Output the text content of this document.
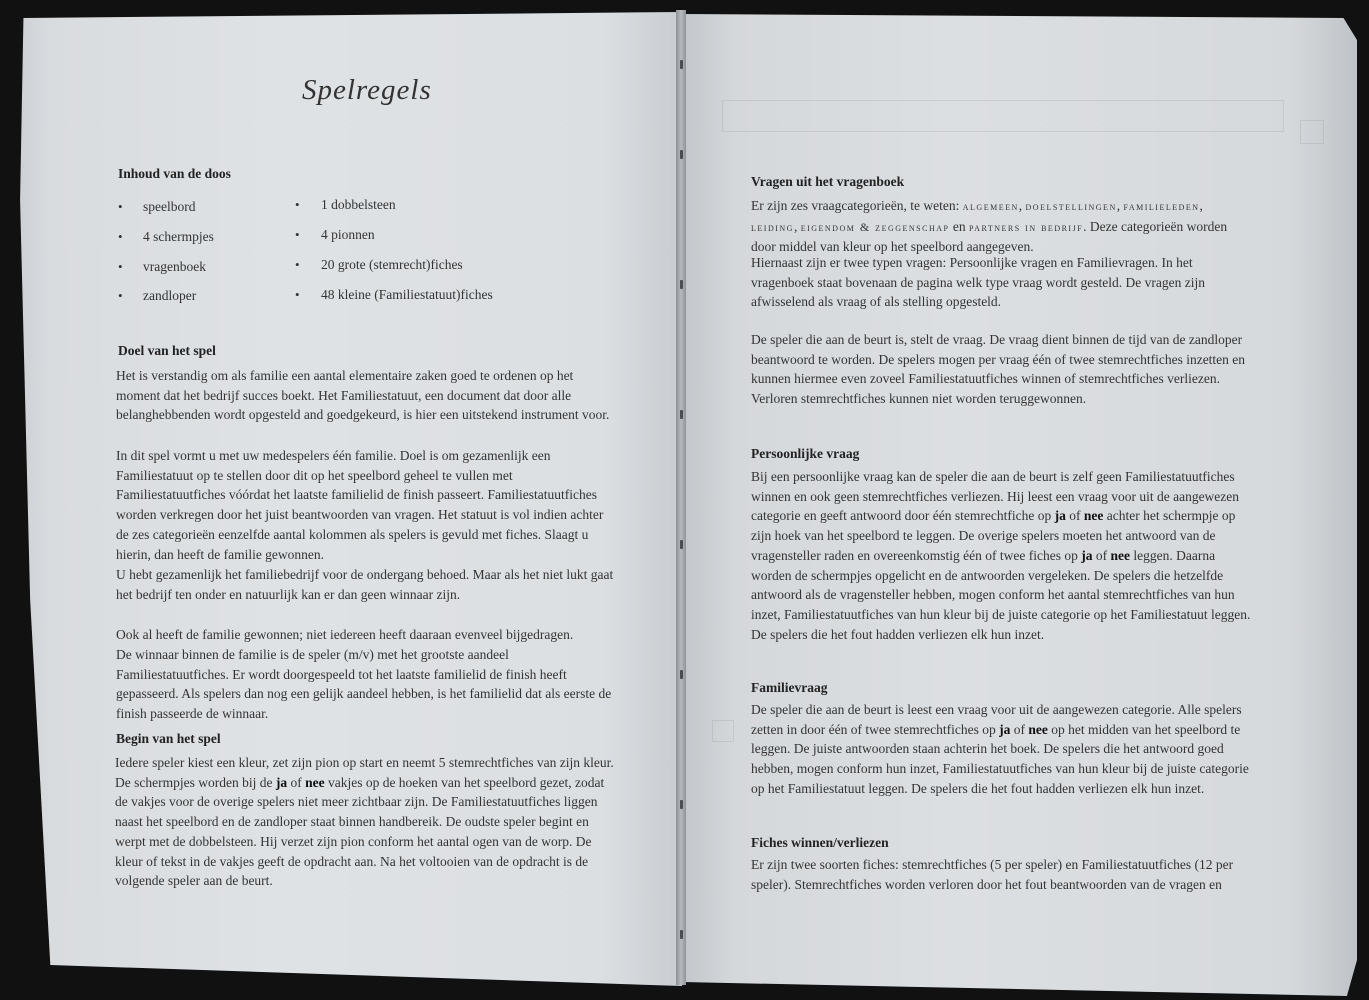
Spelregels
Inhoud van de doos
• speelbord
• 4 schermpjes
• vragenboek
• zandloper
• 1 dobbelsteen
• 4 pionnen
• 20 grote (stemrecht)fiches
• 48 kleine (Familiestatuut)fiches
Doel van het spel

Het is verstandig om als familie een aantal elementaire zaken goed te ordenen op het moment dat het bedrijf succes boekt. Het Familiestatuut, een document dat door alle belanghebbenden wordt opgesteld and goedgekeurd, is hier een uitstekend instrument voor.

In dit spel vormt u met uw medespelers één familie. Doel is om gezamenlijk een Familiestatuut op te stellen door dit op het speelbord geheel te vullen met Familiestatuutfiches vóórdat het laatste familielid de finish passeert. Familiestatuutfiches worden verkregen door het juist beantwoorden van vragen. Het statuut is vol indien achter de zes categorieën eenzelfde aantal kolommen als spelers is gevuld met fiches. Slaagt u hierin, dan heeft de familie gewonnen.

U hebt gezamenlijk het familiebedrijf voor de ondergang behoed. Maar als het niet lukt gaat het bedrijf ten onder en natuurlijk kan er dan geen winnaar zijn.

Ook al heeft de familie gewonnen; niet iedereen heeft daaraan evenveel bijgedragen.

De winnaar binnen de familie is de speler (m/v) met het grootste aandeel Familiestatuutfiches. Er wordt doorgespeeld tot het laatste familielid de finish heeft gepasseerd. Als spelers dan nog een gelijk aandeel hebben, is het familielid dat als eerste de finish passeerde de winnaar.

Begin van het spel

Iedere speler kiest een kleur, zet zijn pion op start en neemt 5 stemrechtfiches van zijn kleur. De schermpjes worden bij de ja of nee vakjes op de hoeken van het speelbord gezet, zodat de vakjes voor de overige spelers niet meer zichtbaar zijn. De Familiestatuutfiches liggen naast het speelbord en de zandloper staat binnen handbereik. De oudste speler begint en werpt met de dobbelsteen. Hij verzet zijn pion conform het aantal ogen van de worp. De kleur of tekst in de vakjes geeft de opdracht aan. Na het voltooien van de opdracht is de volgende speler aan de beurt.

Vragen uit het vragenboek

Er zijn zes vraagcategorieën, te weten: algemeen, doelstellingen, familieleden, leiding, eigendom & zeggenschap en partners in bedrijf. Deze categorieën worden door middel van kleur op het speelbord aangegeven.

Hiernaast zijn er twee typen vragen: Persoonlijke vragen en Familievragen. In het vragenboek staat bovenaan de pagina welk type vraag wordt gesteld. De vragen zijn afwisselend als vraag of als stelling opgesteld.

De speler die aan de beurt is, stelt de vraag. De vraag dient binnen de tijd van de zandloper beantwoord te worden. De spelers mogen per vraag één of twee stemrechtfiches inzetten en kunnen hiermee even zoveel Familiestatuutfiches winnen of stemrechtfiches verliezen. Verloren stemrechtfiches kunnen niet worden teruggewonnen.

Persoonlijke vraag

Bij een persoonlijke vraag kan de speler die aan de beurt is zelf geen Familiestatuutfiches winnen en ook geen stemrechtfiches verliezen. Hij leest een vraag voor uit de aangewezen categorie en geeft antwoord door één stemrechtfiche op ja of nee achter het schermpje op zijn hoek van het speelbord te leggen. De overige spelers moeten het antwoord van de vragensteller raden en overeenkomstig één of twee fiches op ja of nee leggen. Daarna worden de schermpjes opgelicht en de antwoorden vergeleken. De spelers die hetzelfde antwoord als de vragensteller hebben, mogen conform het aantal stemrechtfiches van hun inzet, Familiestatuutfiches van hun kleur bij de juiste categorie op het Familiestatuut leggen.
De spelers die het fout hadden verliezen elk hun inzet.

Familievraag

De speler die aan de beurt is leest een vraag voor uit de aangewezen categorie. Alle spelers zetten in door één of twee stemrechtfiches op ja of nee op het midden van het speelbord te leggen. De juiste antwoorden staan achterin het boek. De spelers die het antwoord goed hebben, mogen conform hun inzet, Familiestatuutfiches van hun kleur bij de juiste categorie op het Familiestatuut leggen. De spelers die het fout hadden verliezen elk hun inzet.

Fiches winnen/verliezen

Er zijn twee soorten fiches: stemrechtfiches (5 per speler) en Familiestatuutfiches (12 per speler). Stemrechtfiches worden verloren door het fout beantwoorden van de vragen en
